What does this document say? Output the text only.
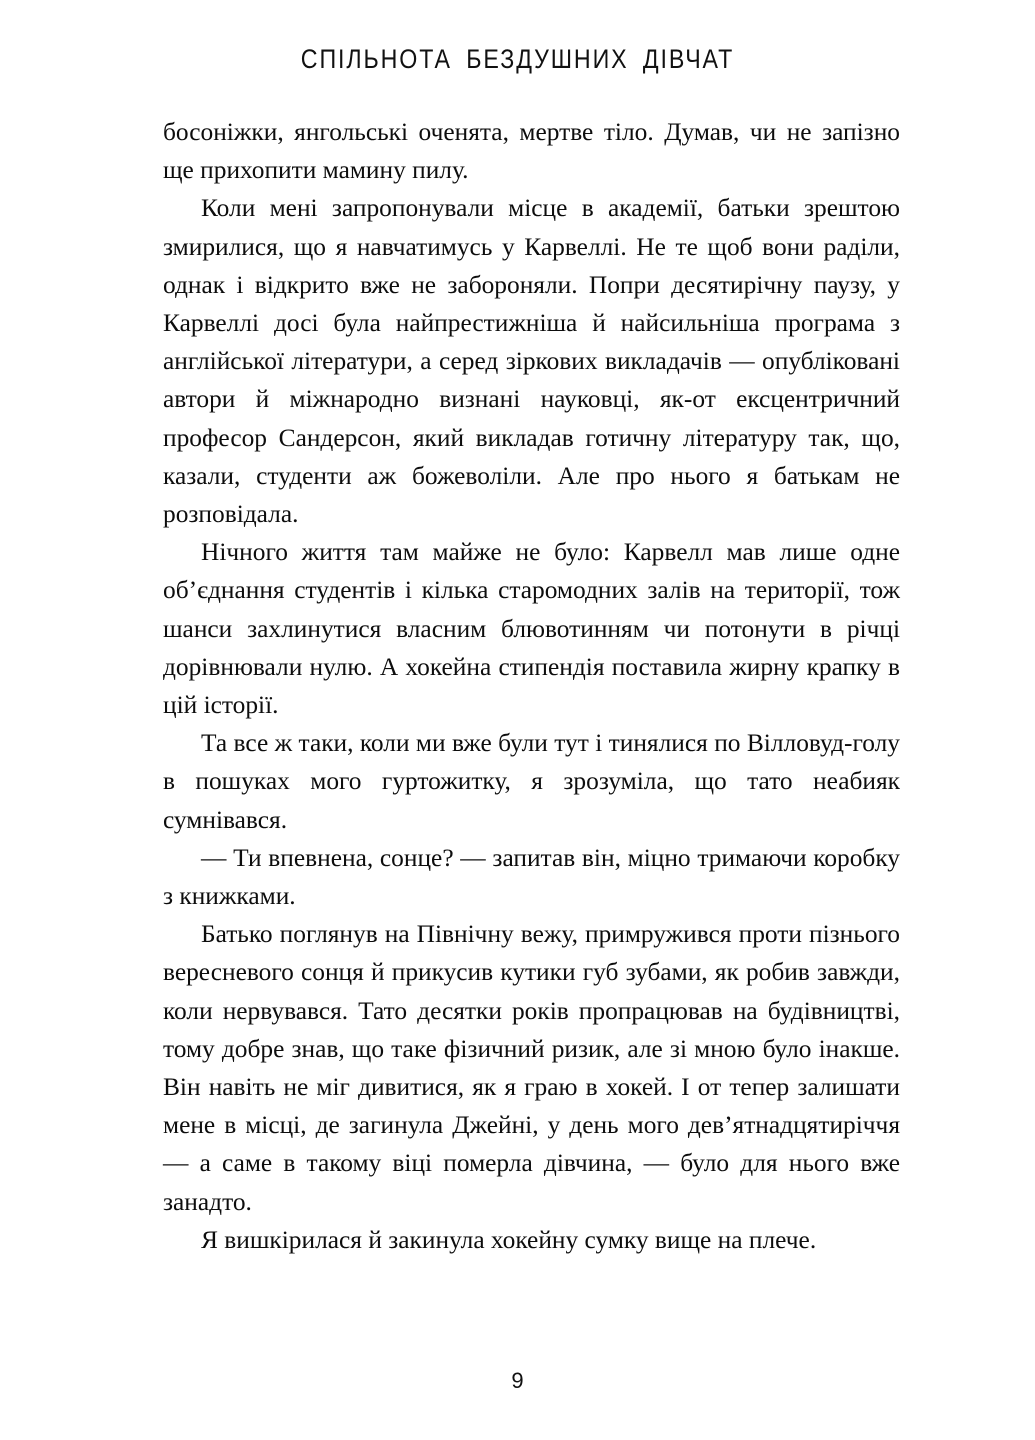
СПІЛЬНОТА БЕЗДУШНИХ ДІВЧАТ

босоніжки, янгольські оченята, мертве тіло. Думав, чи не запізно ще прихопити мамину пилу.

Коли мені запропонували місце в академії, батьки зрештою змирилися, що я навчатимусь у Карвеллі. Не те щоб вони раділи, однак і відкрито вже не забороняли. Попри десятирічну паузу, у Карвеллі досі була найпрестижніша й найсильніша програма з англійської літератури, а серед зіркових викладачів — опубліковані автори й міжнародно визнані науковці, як-от ексцентричний професор Сандерсон, який викладав готичну літературу так, що, казали, студенти аж божеволіли. Але про нього я батькам не розповідала.

Нічного життя там майже не було: Карвелл мав лише одне об’єднання студентів і кілька старомодних залів на території, тож шанси захлинутися власним блювотинням чи потонути в річці дорівнювали нулю. А хокейна стипендія поставила жирну крапку в цій історії.

Та все ж таки, коли ми вже були тут і тинялися по Вілловуд-голу в пошуках мого гуртожитку, я зрозуміла, що тато неабияк сумнівався.

— Ти впевнена, сонце? — запитав він, міцно тримаючи коробку з книжками.

Батько поглянув на Північну вежу, примружився проти пізнього вересневого сонця й прикусив кутики губ зубами, як робив завжди, коли нервувався. Тато десятки років пропрацював на будівництві, тому добре знав, що таке фізичний ризик, але зі мною було інакше. Він навіть не міг дивитися, як я граю в хокей. І от тепер залишати мене в місці, де загинула Джейні, у день мого дев’ятнадцятиріччя — а саме в такому віці померла дівчина, — було для нього вже занадто.

Я вишкірилася й закинула хокейну сумку вище на плече.

9
